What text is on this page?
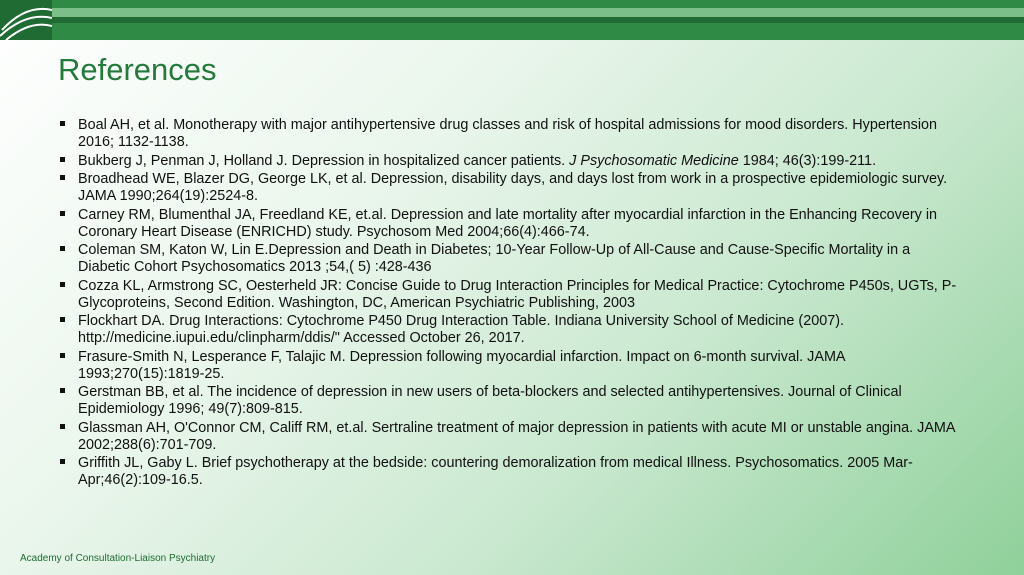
References
Boal AH, et al. Monotherapy with major antihypertensive drug classes and risk of hospital admissions for mood disorders. Hypertension 2016; 1132-1138.
Bukberg J, Penman J, Holland J. Depression in hospitalized cancer patients. J Psychosomatic Medicine 1984; 46(3):199-211.
Broadhead WE, Blazer DG, George LK, et al. Depression, disability days, and days lost from work in a prospective epidemiologic survey. JAMA 1990;264(19):2524-8.
Carney RM, Blumenthal JA, Freedland KE, et.al. Depression and late mortality after myocardial infarction in the Enhancing Recovery in Coronary Heart Disease (ENRICHD) study. Psychosom Med 2004;66(4):466-74.
Coleman SM, Katon W, Lin E.Depression and Death in Diabetes; 10-Year Follow-Up of All-Cause and Cause-Specific Mortality in a Diabetic Cohort Psychosomatics 2013 ;54,( 5) :428-436
Cozza KL, Armstrong SC, Oesterheld JR: Concise Guide to Drug Interaction Principles for Medical Practice: Cytochrome P450s, UGTs, P-Glycoproteins, Second Edition. Washington, DC, American Psychiatric Publishing, 2003
Flockhart DA. Drug Interactions: Cytochrome P450 Drug Interaction Table. Indiana University School of Medicine (2007). http://medicine.iupui.edu/clinpharm/ddis/" Accessed October 26, 2017.
Frasure-Smith N, Lesperance F, Talajic M. Depression following myocardial infarction. Impact on 6-month survival. JAMA 1993;270(15):1819-25.
Gerstman BB, et al. The incidence of depression in new users of beta-blockers and selected antihypertensives. Journal of Clinical Epidemiology 1996; 49(7):809-815.
Glassman AH, O'Connor CM, Califf RM, et.al. Sertraline treatment of major depression in patients with acute MI or unstable angina. JAMA 2002;288(6):701-709.
Griffith JL, Gaby L. Brief psychotherapy at the bedside: countering demoralization from medical Illness. Psychosomatics. 2005 Mar-Apr;46(2):109-16.5.
Academy of Consultation-Liaison Psychiatry
